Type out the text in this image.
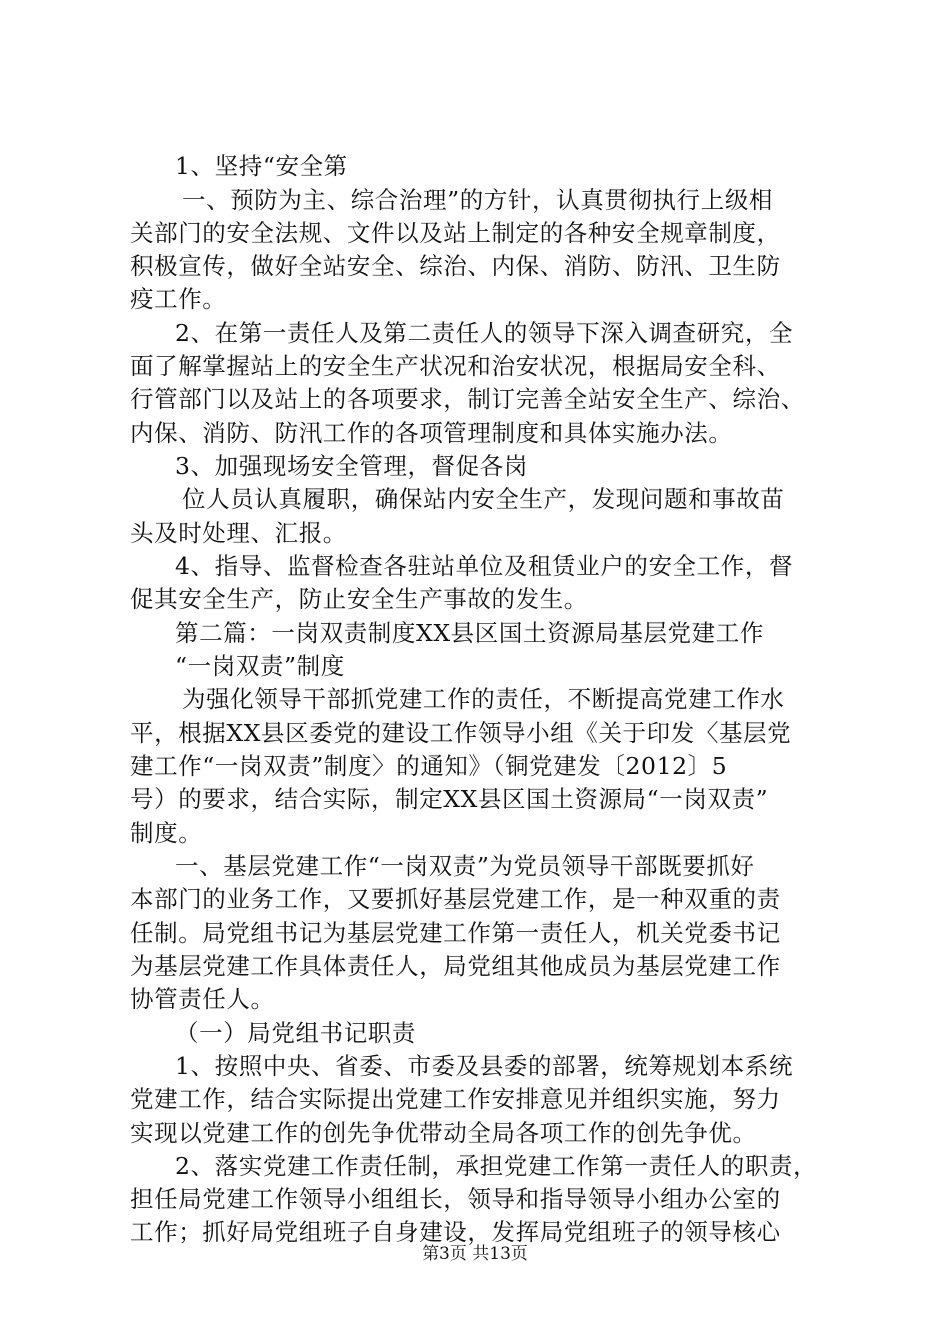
1、坚持“安全第
一、预防为主、综合治理”的方针，认真贯彻执行上级相
关部门的安全法规、文件以及站上制定的各种安全规章制度，
积极宣传，做好全站安全、综治、内保、消防、防汛、卫生防
疫工作。
2、在第一责任人及第二责任人的领导下深入调查研究，全
面了解掌握站上的安全生产状况和治安状况，根据局安全科、
行管部门以及站上的各项要求，制订完善全站安全生产、综治、
内保、消防、防汛工作的各项管理制度和具体实施办法。
3、加强现场安全管理，督促各岗
位人员认真履职，确保站内安全生产，发现问题和事故苗
头及时处理、汇报。
4、指导、监督检查各驻站单位及租赁业户的安全工作，督
促其安全生产，防止安全生产事故的发生。
第二篇：一岗双责制度XX县区国土资源局基层党建工作
“一岗双责”制度
为强化领导干部抓党建工作的责任，不断提高党建工作水
平，根据XX县区委党的建设工作领导小组《关于印发〈基层党
建工作“一岗双责”制度〉的通知》（铜党建发〔2012〕5
号）的要求，结合实际，制定XX县区国土资源局“一岗双责”
制度。
一、基层党建工作“一岗双责”为党员领导干部既要抓好
本部门的业务工作，又要抓好基层党建工作，是一种双重的责
任制。局党组书记为基层党建工作第一责任人，机关党委书记
为基层党建工作具体责任人，局党组其他成员为基层党建工作
协管责任人。
（一）局党组书记职责
1、按照中央、省委、市委及县委的部署，统筹规划本系统
党建工作，结合实际提出党建工作安排意见并组织实施，努力
实现以党建工作的创先争优带动全局各项工作的创先争优。
2、落实党建工作责任制，承担党建工作第一责任人的职责，
担任局党建工作领导小组组长，领导和指导领导小组办公室的
工作；抓好局党组班子自身建设，发挥局党组班子的领导核心
第3页 共13页
